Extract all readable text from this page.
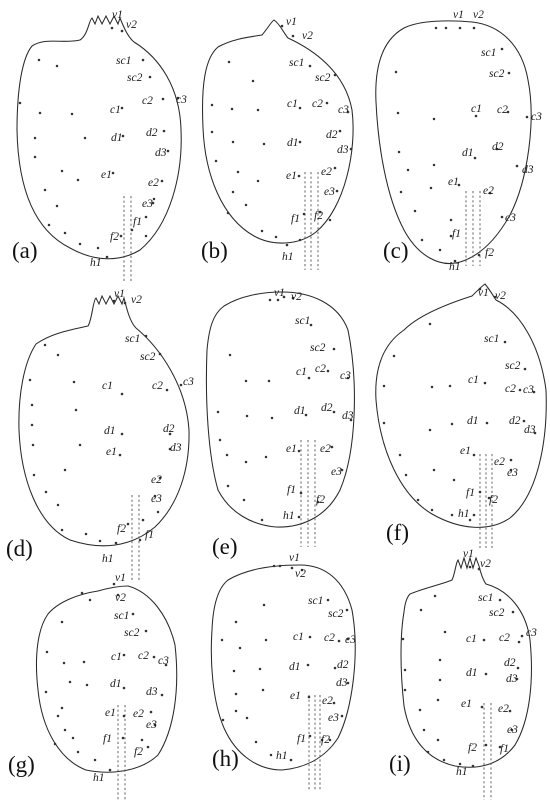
v1
v2
sc1
sc2
c1
c2 c3
d1 d2
d3
e1
e2
e3
f1
f2
h1
(a)
v1
v2
sc1
sc2
c1 c2 c3
d1
d2
d3
e1 e2
e3
f1 f2
h1
(b)
v1 v2
sc1
sc2
c1 c2
c3
d1 d2
d3
e1
e2
e3
f1
f2
h1
(c)
v1 v2
sc1
sc2
c1	c2 c3
d1	d2
d3
e1
e2
e3
f1
f2
h1
(d)
v1 v2
sc1
sc2
c1 c2
c3
d1 d2
d3
e1 e2
e3
f1
f2
h1
(e)
v1 v2
sc1
sc2
c1
c2 c3
d1	d2
d3
e1
e2
e3
f1
f2
h1
(f)
v1
v2
sc1
sc2
c1 c2 c3
d1
d3
e1 e2
e3
f1
f2
h1
(g)
v1
v2
sc1
sc2
c1 c2 c3
d1	d2
d3
e1 e2
e3
f1 f2
h1
(h)
v1
v2
sc1
sc2
c1 c2 c3
d1
d2
d3
e1 e2
e3
f1
f2
h1
(i)
